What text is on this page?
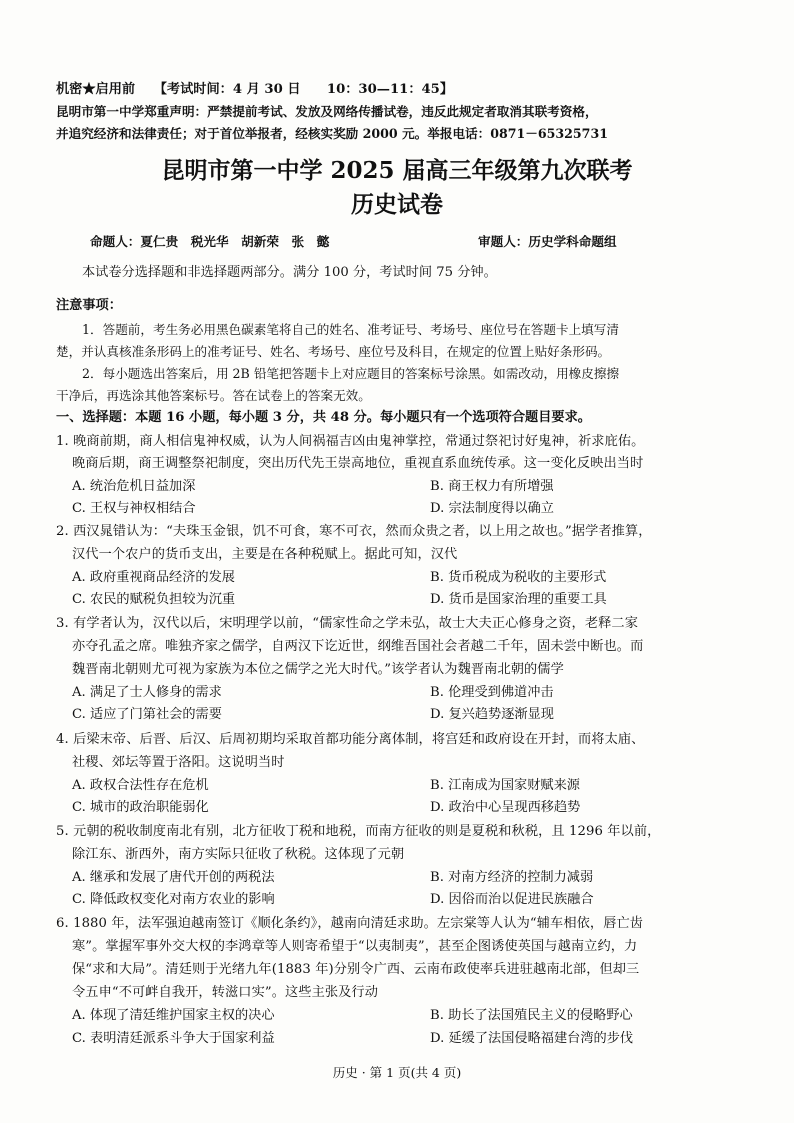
机密★启用前 【考试时间：4 月 30 日　　10：30—11：45】
昆明市第一中学郑重声明：严禁提前考试、发放及网络传播试卷，违反此规定者取消其联考资格，
并追究经济和法律责任；对于首位举报者，经核实奖励 2000 元。举报电话：0871－65325731
昆明市第一中学 2025 届高三年级第九次联考
历史试卷
命题人：夏仁贵　税光华　胡新荣　张　懿	审题人：历史学科命题组
本试卷分选择题和非选择题两部分。满分 100 分，考试时间 75 分钟。
注意事项：
1．答题前，考生务必用黑色碳素笔将自己的姓名、准考证号、考场号、座位号在答题卡上填写清
楚，并认真核准条形码上的准考证号、姓名、考场号、座位号及科目，在规定的位置上贴好条形码。
2．每小题选出答案后，用 2B 铅笔把答题卡上对应题目的答案标号涂黑。如需改动，用橡皮擦擦
干净后，再选涂其他答案标号。答在试卷上的答案无效。
一、选择题：本题 16 小题，每小题 3 分，共 48 分。每小题只有一个选项符合题目要求。
1. 晚商前期，商人相信鬼神权威，认为人间祸福吉凶由鬼神掌控，常通过祭祀讨好鬼神，祈求庇佑。
晚商后期，商王调整祭祀制度，突出历代先王崇高地位，重视直系血统传承。这一变化反映出当时
A. 统治危机日益加深	B. 商王权力有所增强
C. 王权与神权相结合	D. 宗法制度得以确立
2. 西汉晁错认为：“夫珠玉金银，饥不可食，寒不可衣，然而众贵之者，以上用之故也。”据学者推算，
汉代一个农户的货币支出，主要是在各种税赋上。据此可知，汉代
A. 政府重视商品经济的发展	B. 货币税成为税收的主要形式
C. 农民的赋税负担较为沉重	D. 货币是国家治理的重要工具
3. 有学者认为，汉代以后，宋明理学以前，“儒家性命之学未弘，故士大夫正心修身之资，老释二家
亦夺孔孟之席。唯独齐家之儒学，自两汉下讫近世，纲维吾国社会者越二千年，固未尝中断也。而
魏晋南北朝则尤可视为家族为本位之儒学之光大时代。”该学者认为魏晋南北朝的儒学
A. 满足了士人修身的需求	B. 伦理受到佛道冲击
C. 适应了门第社会的需要	D. 复兴趋势逐渐显现
4. 后梁末帝、后晋、后汉、后周初期均采取首都功能分离体制，将宫廷和政府设在开封，而将太庙、
社稷、郊坛等置于洛阳。这说明当时
A. 政权合法性存在危机	B. 江南成为国家财赋来源
C. 城市的政治职能弱化	D. 政治中心呈现西移趋势
5. 元朝的税收制度南北有别，北方征收丁税和地税，而南方征收的则是夏税和秋税，且 1296 年以前，
除江东、浙西外，南方实际只征收了秋税。这体现了元朝
A. 继承和发展了唐代开创的两税法	B. 对南方经济的控制力减弱
C. 降低政权变化对南方农业的影响	D. 因俗而治以促进民族融合
6. 1880 年，法军强迫越南签订《顺化条约》，越南向清廷求助。左宗棠等人认为“辅车相依，唇亡齿
寒”。掌握军事外交大权的李鸿章等人则寄希望于“以夷制夷”，甚至企图诱使英国与越南立约，力
保“求和大局”。清廷则于光绪九年(1883 年)分别令广西、云南布政使率兵进驻越南北部，但却三
令五申“不可衅自我开，转滋口实”。这些主张及行动
A. 体现了清廷维护国家主权的决心	B. 助长了法国殖民主义的侵略野心
C. 表明清廷派系斗争大于国家利益	D. 延缓了法国侵略福建台湾的步伐
历史 · 第 1 页(共 4 页)
